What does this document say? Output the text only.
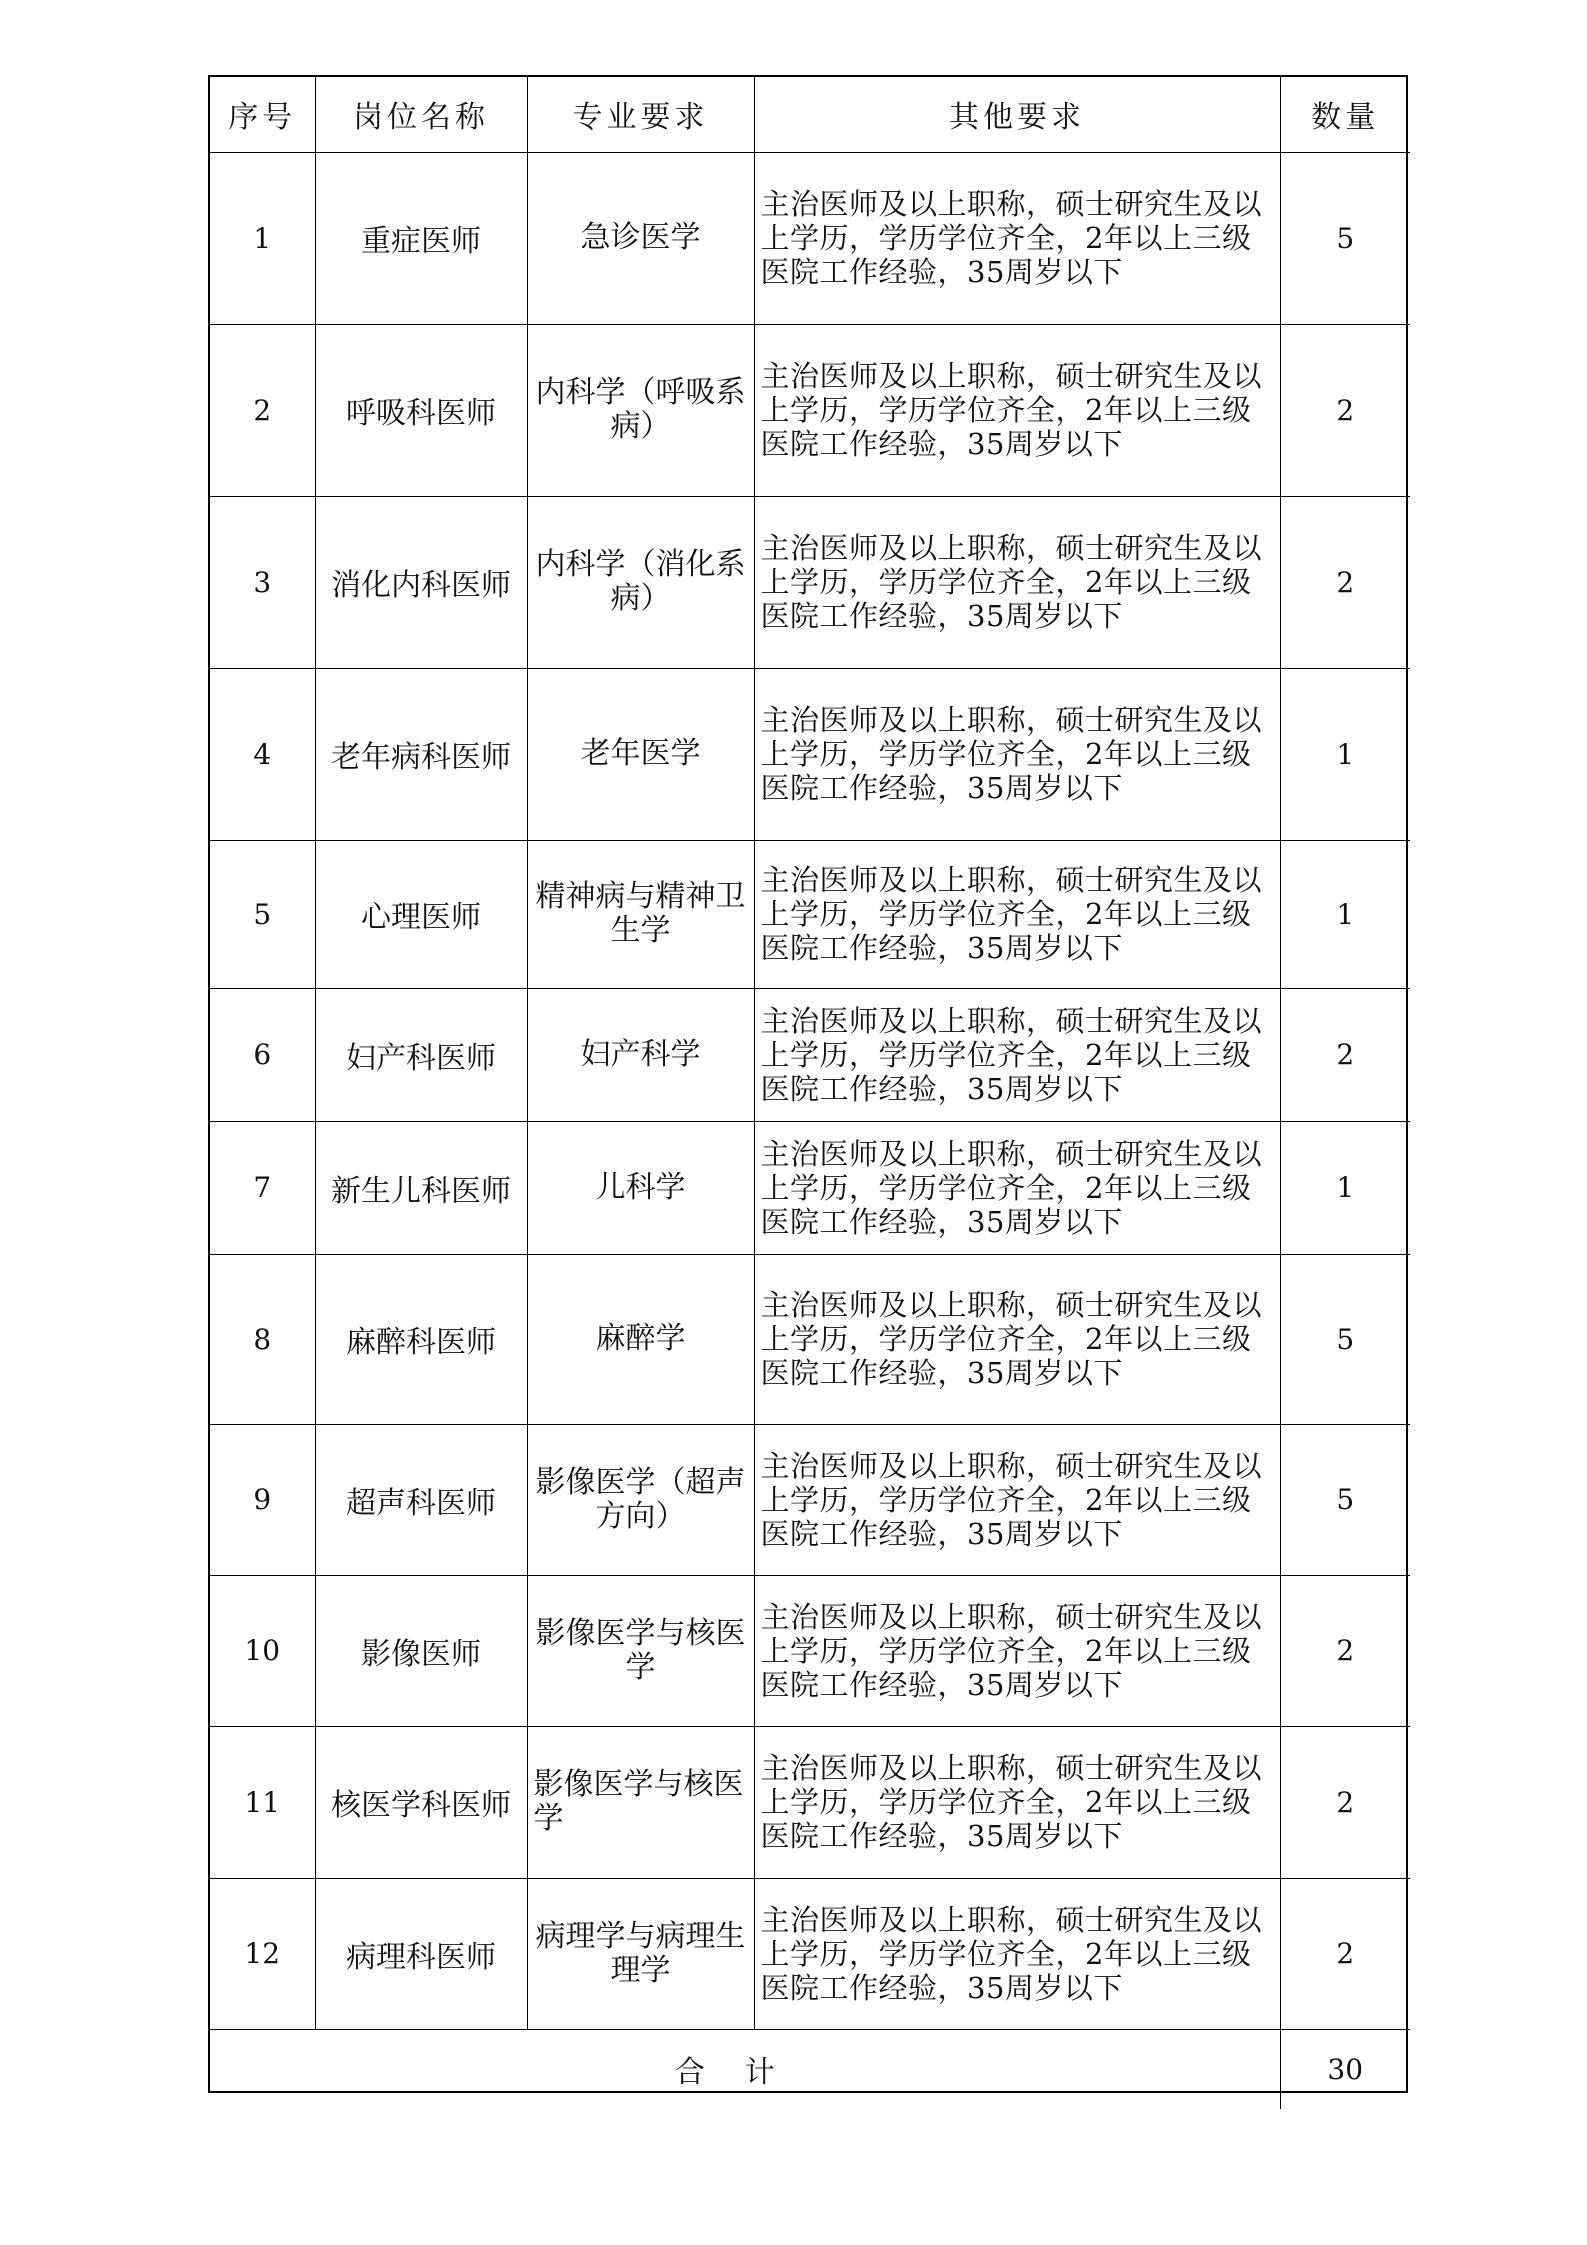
序号	岗位名称	专业要求	其他要求	数量
1	重症医师	急诊医学	主治医师及以上职称，硕士研究生及以上学历，学历学位齐全，2年以上三级医院工作经验，35周岁以下	5
2	呼吸科医师	内科学（呼吸系病）	主治医师及以上职称，硕士研究生及以上学历，学历学位齐全，2年以上三级医院工作经验，35周岁以下	2
3	消化内科医师	内科学（消化系病）	主治医师及以上职称，硕士研究生及以上学历，学历学位齐全，2年以上三级医院工作经验，35周岁以下	2
4	老年病科医师	老年医学	主治医师及以上职称，硕士研究生及以上学历，学历学位齐全，2年以上三级医院工作经验，35周岁以下	1
5	心理医师	精神病与精神卫生学	主治医师及以上职称，硕士研究生及以上学历，学历学位齐全，2年以上三级医院工作经验，35周岁以下	1
6	妇产科医师	妇产科学	主治医师及以上职称，硕士研究生及以上学历，学历学位齐全，2年以上三级医院工作经验，35周岁以下	2
7	新生儿科医师	儿科学	主治医师及以上职称，硕士研究生及以上学历，学历学位齐全，2年以上三级医院工作经验，35周岁以下	1
8	麻醉科医师	麻醉学	主治医师及以上职称，硕士研究生及以上学历，学历学位齐全，2年以上三级医院工作经验，35周岁以下	5
9	超声科医师	影像医学（超声方向）	主治医师及以上职称，硕士研究生及以上学历，学历学位齐全，2年以上三级医院工作经验，35周岁以下	5
10	影像医师	影像医学与核医学	主治医师及以上职称，硕士研究生及以上学历，学历学位齐全，2年以上三级医院工作经验，35周岁以下	2
11	核医学科医师	影像医学与核医学	主治医师及以上职称，硕士研究生及以上学历，学历学位齐全，2年以上三级医院工作经验，35周岁以下	2
12	病理科医师	病理学与病理生理学	主治医师及以上职称，硕士研究生及以上学历，学历学位齐全，2年以上三级医院工作经验，35周岁以下	2
合计				30
